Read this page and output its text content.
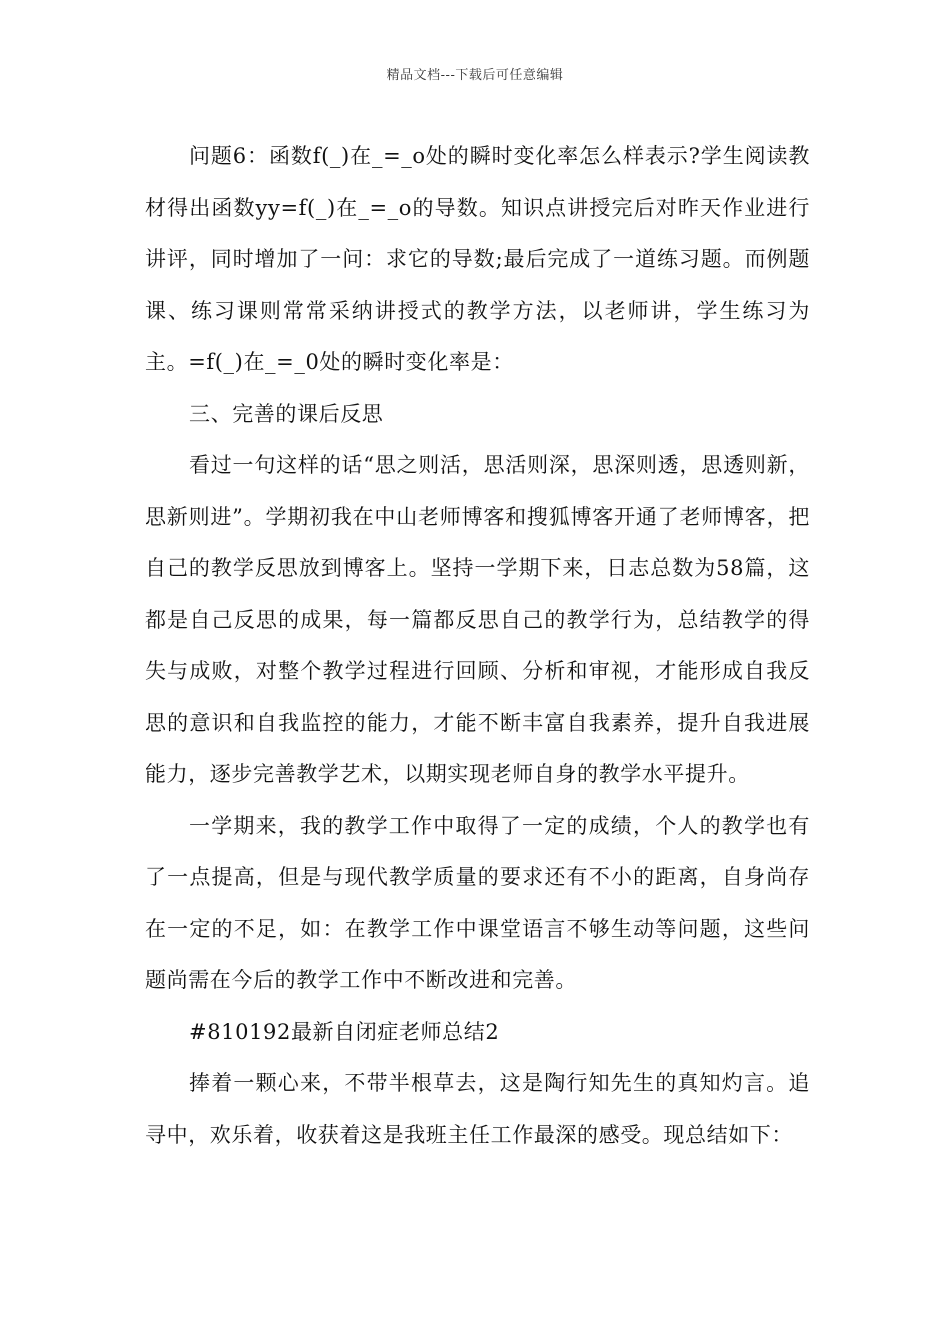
精品文档---下载后可任意编辑

问题6：函数f(_)在_=_o处的瞬时变化率怎么样表示?学生阅读教材得出函数yy=f(_)在_=_o的导数。知识点讲授完后对昨天作业进行讲评，同时增加了一问：求它的导数;最后完成了一道练习题。而例题课、练习课则常常采纳讲授式的教学方法，以老师讲，学生练习为主。=f(_)在_=_0处的瞬时变化率是：

三、完善的课后反思

看过一句这样的话“思之则活，思活则深，思深则透，思透则新，思新则进”。学期初我在中山老师博客和搜狐博客开通了老师博客，把自己的教学反思放到博客上。坚持一学期下来，日志总数为58篇，这都是自己反思的成果，每一篇都反思自己的教学行为，总结教学的得失与成败，对整个教学过程进行回顾、分析和审视，才能形成自我反思的意识和自我监控的能力，才能不断丰富自我素养，提升自我进展能力，逐步完善教学艺术，以期实现老师自身的教学水平提升。

一学期来，我的教学工作中取得了一定的成绩，个人的教学也有了一点提高，但是与现代教学质量的要求还有不小的距离，自身尚存在一定的不足，如：在教学工作中课堂语言不够生动等问题，这些问题尚需在今后的教学工作中不断改进和完善。

#810192最新自闭症老师总结2

捧着一颗心来，不带半根草去，这是陶行知先生的真知灼言。追寻中，欢乐着，收获着这是我班主任工作最深的感受。现总结如下：
